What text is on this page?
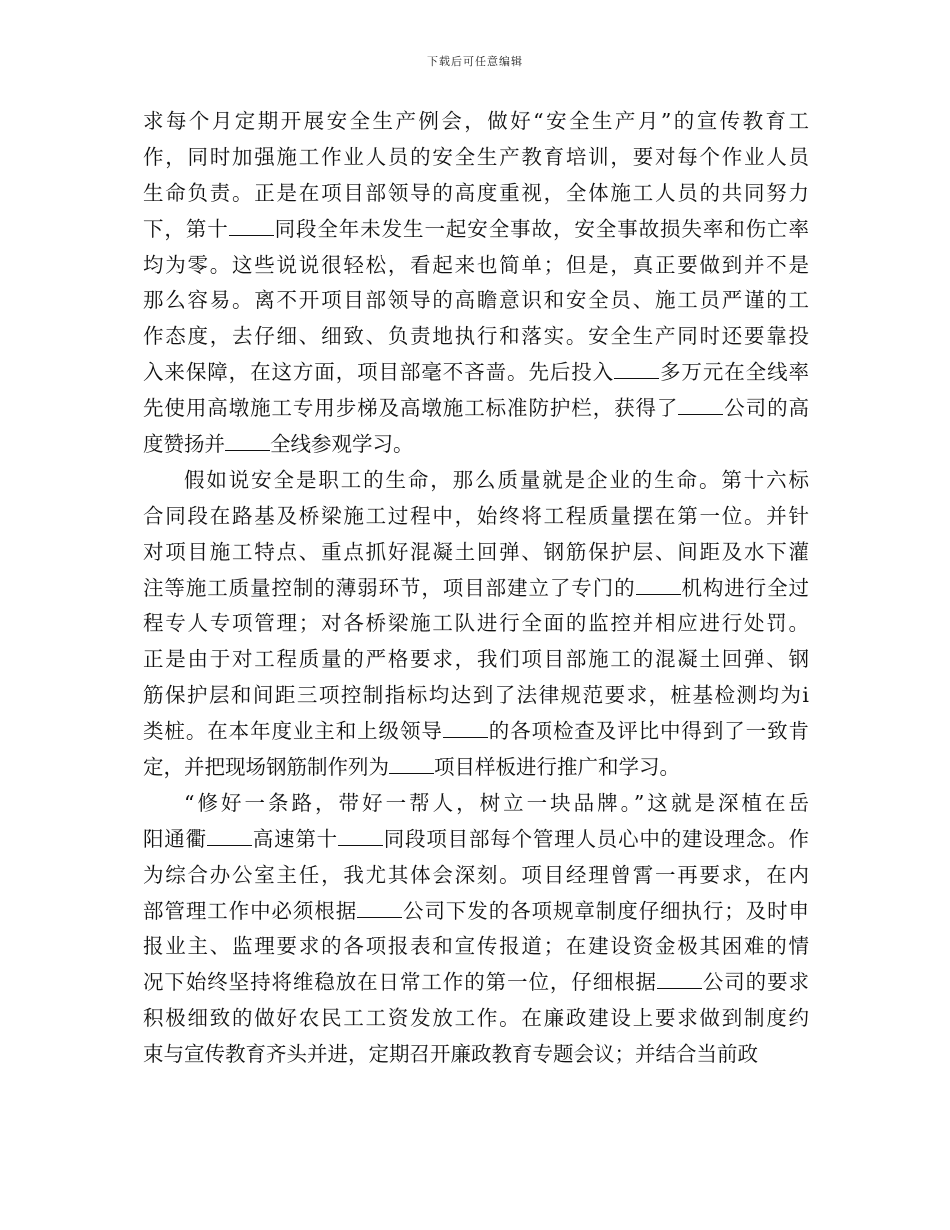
下载后可任意编辑
求每个月定期开展安全生产例会，做好“安全生产月”的宣传教育工
作，同时加强施工作业人员的安全生产教育培训，要对每个作业人员
生命负责。正是在项目部领导的高度重视，全体施工人员的共同努力
下，第十 同段全年未发生一起安全事故，安全事故损失率和伤亡率
均为零。这些说说很轻松，看起来也简单；但是，真正要做到并不是
那么容易。离不开项目部领导的高瞻意识和安全员、施工员严谨的工
作态度，去仔细、细致、负责地执行和落实。安全生产同时还要靠投
入来保障，在这方面，项目部毫不吝啬。先后投入 多万元在全线率
先使用高墩施工专用步梯及高墩施工标准防护栏，获得了 公司的高
度赞扬并 全线参观学习。
假如说安全是职工的生命，那么质量就是企业的生命。第十六标
合同段在路基及桥梁施工过程中，始终将工程质量摆在第一位。并针
对项目施工特点、重点抓好混凝土回弹、钢筋保护层、间距及水下灌
注等施工质量控制的薄弱环节，项目部建立了专门的 机构进行全过
程专人专项管理；对各桥梁施工队进行全面的监控并相应进行处罚。
正是由于对工程质量的严格要求，我们项目部施工的混凝土回弹、钢
筋保护层和间距三项控制指标均达到了法律规范要求，桩基检测均为ⅰ
类桩。在本年度业主和上级领导 的各项检查及评比中得到了一致肯
定，并把现场钢筋制作列为 项目样板进行推广和学习。
“修好一条路，带好一帮人，树立一块品牌。”这就是深植在岳
阳通衢 高速第十 同段项目部每个管理人员心中的建设理念。作
为综合办公室主任，我尤其体会深刻。项目经理曾霄一再要求，在内
部管理工作中必须根据 公司下发的各项规章制度仔细执行；及时申
报业主、监理要求的各项报表和宣传报道；在建设资金极其困难的情
况下始终坚持将维稳放在日常工作的第一位，仔细根据 公司的要求
积极细致的做好农民工工资发放工作。在廉政建设上要求做到制度约
束与宣传教育齐头并进，定期召开廉政教育专题会议；并结合当前政
